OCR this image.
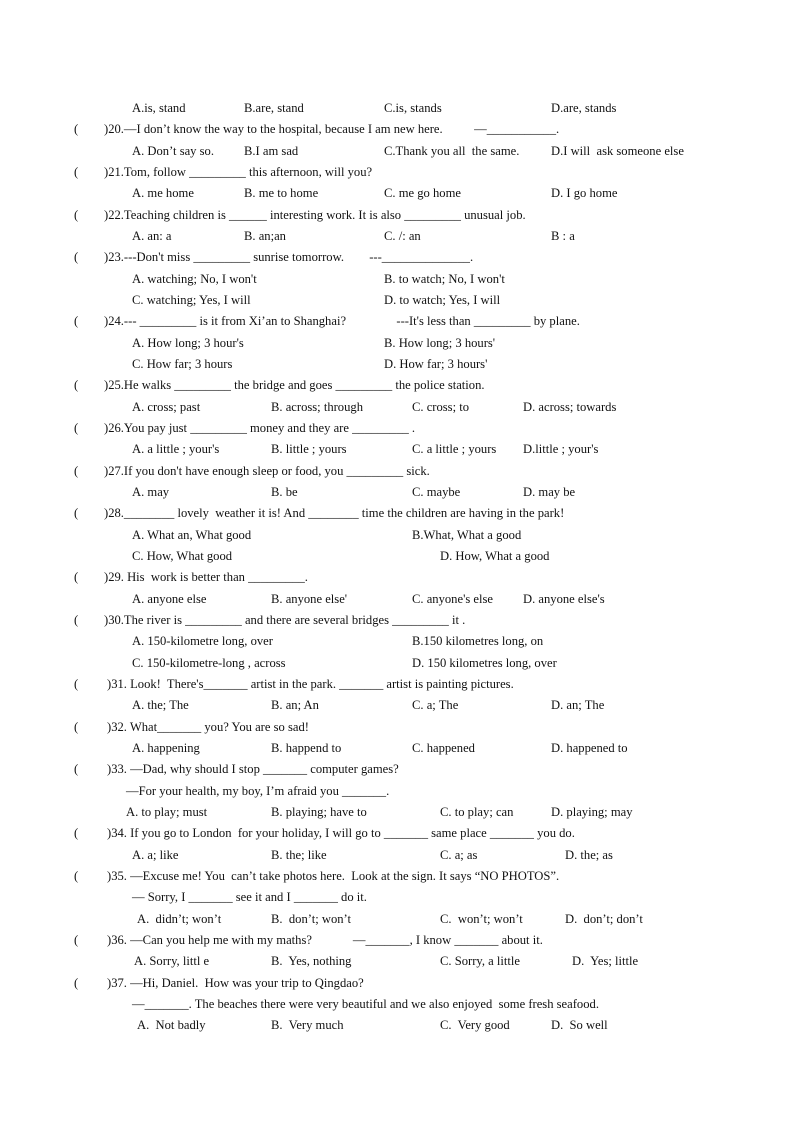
A.is, stand	B.are, stand	C.is, stands	D.are, stands
( )20.—I don’t know the way to the hospital, because I am new here.          —___________.
A. Don’t say so. B.I am sad	C.Thank you all  the same.	D.I will  ask someone else
( )21.Tom, follow _________ this afternoon, will you?
A. me home	B. me to home	C. me go home	D. I go home
( )22.Teaching children is ______ interesting work. It is also _________ unusual job.
A. an: a	B. an;an	C. /: an	B : a
( )23.---Don't miss _________ sunrise tomorrow.        ---______________.
A. watching; No, I won't	B. to watch; No, I won't
C. watching; Yes, I will	D. to watch; Yes, I will
( )24.--- _________ is it from Xi’an to Shanghai?                ---It's less than _________ by plane.
A. How long; 3 hour's	B. How long; 3 hours'
C. How far; 3 hours	D. How far; 3 hours'
( )25.He walks _________ the bridge and goes _________ the police station.
A. cross; past	B. across; through	C. cross; to	D. across; towards
( )26.You pay just _________ money and they are _________ .
A. a little ; your's	B. little ; yours	C. a little ; yours D.little ; your's
( )27.If you don't have enough sleep or food, you _________ sick.
A. may	B. be	C. maybe	D. may be
( )28.________ lovely  weather it is! And ________ time the children are having in the park!
A. What an, What good	B.What, What a good
C. How, What good	D. How, What a good
( )29. His  work is better than _________.
A. anyone else	B. anyone else'	C. anyone's else D. anyone else's
( )30.The river is _________ and there are several bridges _________ it .
A. 150-kilometre long, over	B.150 kilometres long, on
C. 150-kilometre-long , across	D. 150 kilometres long, over
( )31. Look!  There's_______ artist in the park. _______ artist is painting pictures.
A. the; The	B. an; An	C. a; The	D. an; The
( )32. What_______ you? You are so sad!
A. happening	B. happend to	C. happened	D. happened to
( )33. —Dad, why should I stop _______ computer games?
—For your health, my boy, I’m afraid you _______.
A. to play; must	B. playing; have to	C. to play; can	D. playing; may
( )34. If you go to London  for your holiday, I will go to _______ same place _______ you do.
A. a; like	B. the; like	C. a; as	D. the; as
( )35. —Excuse me! You  can’t take photos here.  Look at the sign. It says “NO PHOTOS”.
— Sorry, I _______ see it and I _______ do it.
A.  didn’t; won’t	B.  don’t; won’t	C.  won’t; won’t	D.  don’t; don’t
( )36. —Can you help me with my maths?             —_______, I know _______ about it.
A. Sorry, littl e	B.  Yes, nothing	C. Sorry, a little	D.  Yes; little
( )37. —Hi, Daniel.  How was your trip to Qingdao?
—_______. The beaches there were very beautiful and we also enjoyed  some fresh seafood.
A.  Not badly	B.  Very much	C.  Very good	D.  So well
